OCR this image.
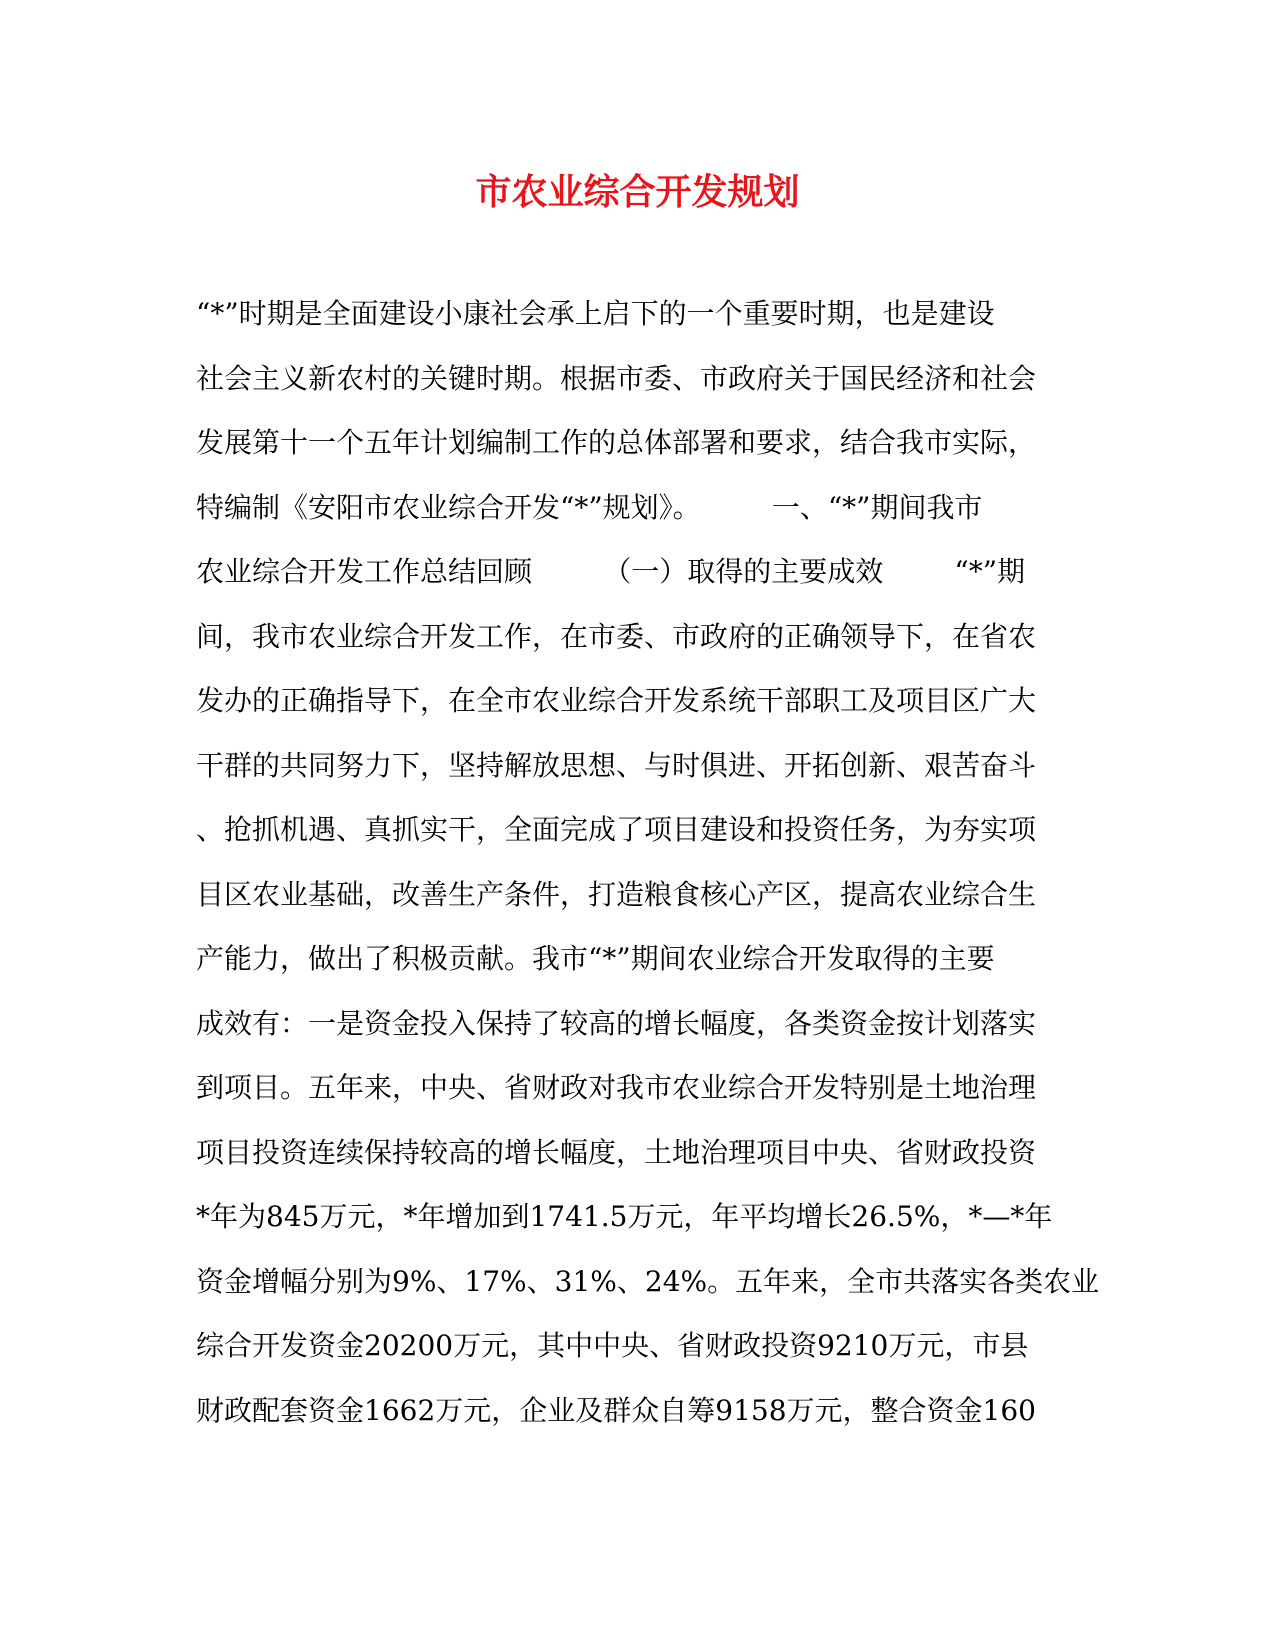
市农业综合开发规划
“*”时期是全面建设小康社会承上启下的一个重要时期，也是建设
社会主义新农村的关键时期。根据市委、市政府关于国民经济和社会
发展第十一个五年计划编制工作的总体部署和要求，结合我市实际，
特编制《安阳市农业综合开发“*”规划》。        一、“*”期间我市
农业综合开发工作总结回顾        （一）取得的主要成效        “*”期
间，我市农业综合开发工作，在市委、市政府的正确领导下，在省农
发办的正确指导下，在全市农业综合开发系统干部职工及项目区广大
干群的共同努力下，坚持解放思想、与时俱进、开拓创新、艰苦奋斗
、抢抓机遇、真抓实干，全面完成了项目建设和投资任务，为夯实项
目区农业基础，改善生产条件，打造粮食核心产区，提高农业综合生
产能力，做出了积极贡献。我市“*”期间农业综合开发取得的主要
成效有：一是资金投入保持了较高的增长幅度，各类资金按计划落实
到项目。五年来，中央、省财政对我市农业综合开发特别是土地治理
项目投资连续保持较高的增长幅度，土地治理项目中央、省财政投资
*年为845万元，*年增加到1741.5万元，年平均增长26.5%，*—*年
资金增幅分别为9%、17%、31%、24%。五年来，全市共落实各类农业
综合开发资金20200万元，其中中央、省财政投资9210万元，市县
财政配套资金1662万元，企业及群众自筹9158万元，整合资金160
